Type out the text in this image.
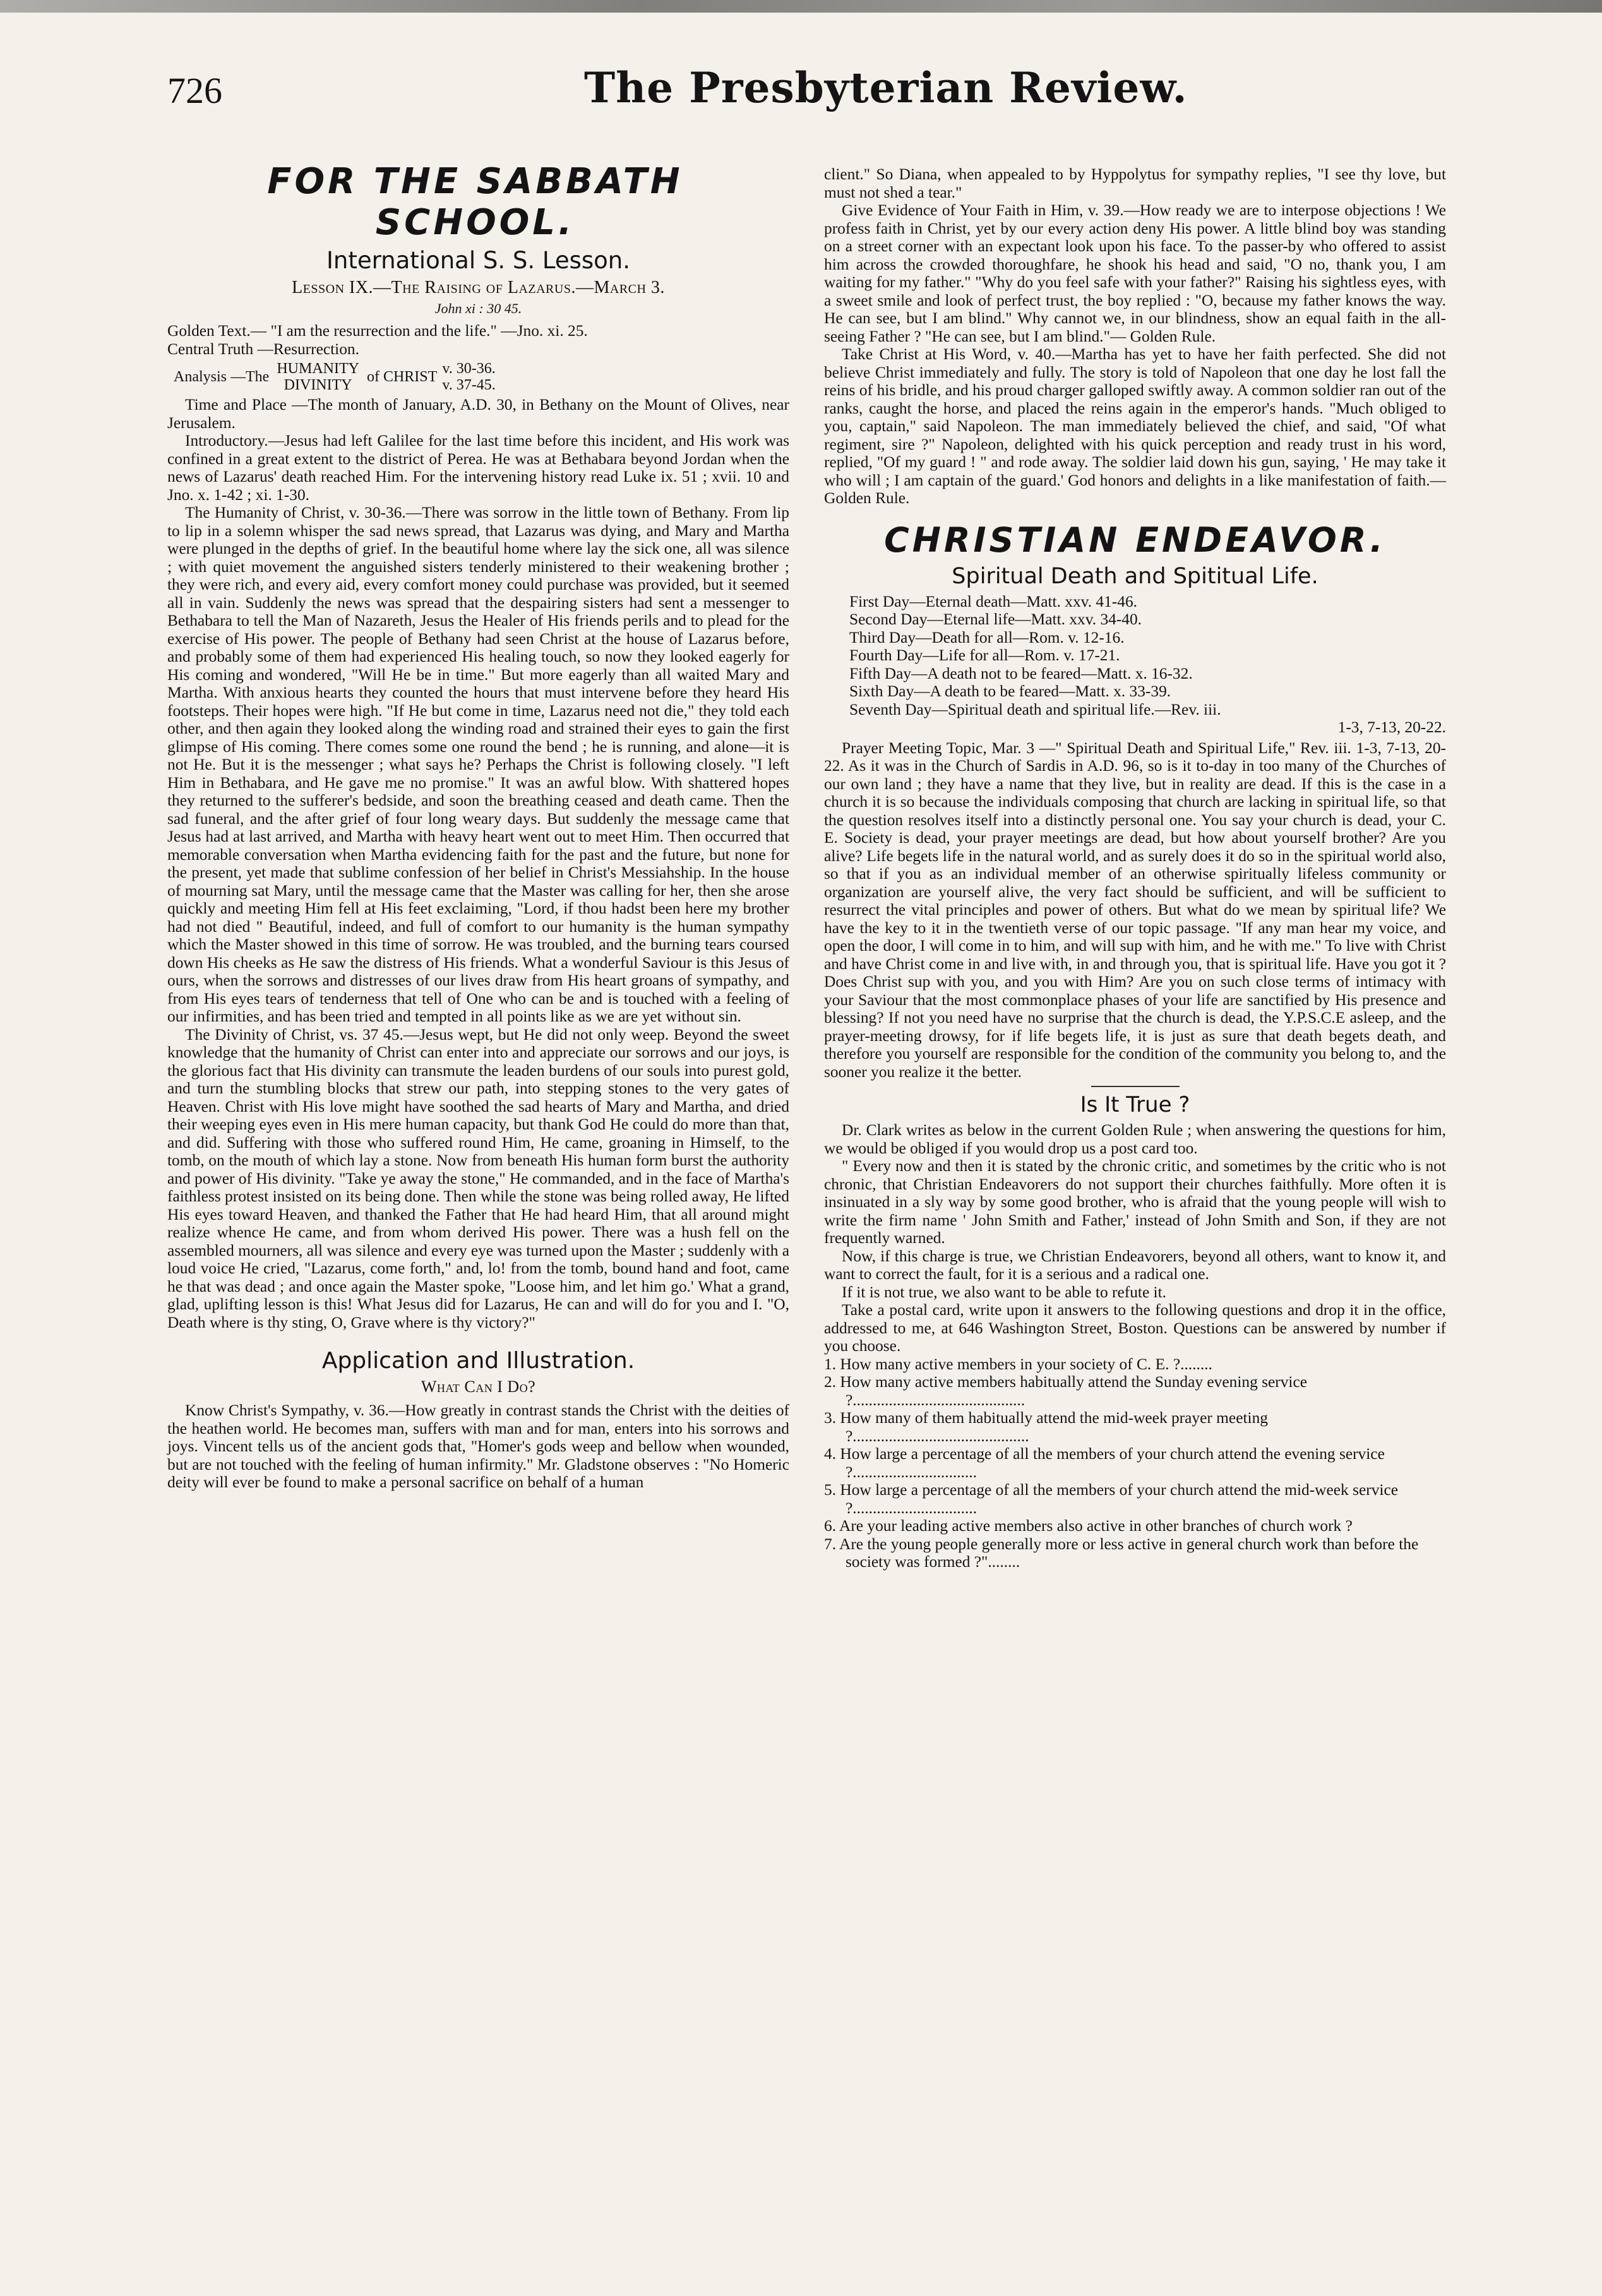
726	The Presbyterian Review.
FOR THE SABBATH SCHOOL.
International S. S. Lesson.
Lesson IX.—The Raising of Lazarus.—March 3.
John xi : 30 45.
Golden Text.— "I am the resurrection and the life." —Jno. xi. 25.
Central Truth —Resurrection.
Analysis —The HUMANITY
DIVINITY of CHRIST v. 30-36.
v. 37-45.

Time and Place —The month of January, A.D. 30, in Bethany on the Mount of Olives, near Jerusalem.

Introductory.—Jesus had left Galilee for the last time before this incident, and His work was confined in a great extent to the district of Perea. He was at Bethabara beyond Jordan when the news of Lazarus' death reached Him. For the intervening history read Luke ix. 51 ; xvii. 10 and Jno. x. 1-42 ; xi. 1-30.

The Humanity of Christ, v. 30-36.—There was sorrow in the little town of Bethany. From lip to lip in a solemn whisper the sad news spread, that Lazarus was dying, and Mary and Martha were plunged in the depths of grief. In the beautiful home where lay the sick one, all was silence ; with quiet movement the anguished sisters tenderly ministered to their weakening brother ; they were rich, and every aid, every comfort money could purchase was provided, but it seemed all in vain. Suddenly the news was spread that the despairing sisters had sent a messenger to Bethabara to tell the Man of Nazareth, Jesus the Healer of His friends perils and to plead for the exercise of His power. The people of Bethany had seen Christ at the house of Lazarus before, and probably some of them had experienced His healing touch, so now they looked eagerly for His coming and wondered, "Will He be in time." But more eagerly than all waited Mary and Martha. With anxious hearts they counted the hours that must intervene before they heard His footsteps. Their hopes were high. "If He but come in time, Lazarus need not die," they told each other, and then again they looked along the winding road and strained their eyes to gain the first glimpse of His coming. There comes some one round the bend ; he is running, and alone—it is not He. But it is the messenger ; what says he? Perhaps the Christ is following closely. "I left Him in Bethabara, and He gave me no promise." It was an awful blow. With shattered hopes they returned to the sufferer's bedside, and soon the breathing ceased and death came. Then the sad funeral, and the after grief of four long weary days. But suddenly the message came that Jesus had at last arrived, and Martha with heavy heart went out to meet Him. Then occurred that memorable conversation when Martha evidencing faith for the past and the future, but none for the present, yet made that sublime confession of her belief in Christ's Messiahship. In the house of mourning sat Mary, until the message came that the Master was calling for her, then she arose quickly and meeting Him fell at His feet exclaiming, "Lord, if thou hadst been here my brother had not died " Beautiful, indeed, and full of comfort to our humanity is the human sympathy which the Master showed in this time of sorrow. He was troubled, and the burning tears coursed down His cheeks as He saw the distress of His friends. What a wonderful Saviour is this Jesus of ours, when the sorrows and distresses of our lives draw from His heart groans of sympathy, and from His eyes tears of tenderness that tell of One who can be and is touched with a feeling of our infirmities, and has been tried and tempted in all points like as we are yet without sin.

The Divinity of Christ, vs. 37 45.—Jesus wept, but He did not only weep. Beyond the sweet knowledge that the humanity of Christ can enter into and appreciate our sorrows and our joys, is the glorious fact that His divinity can transmute the leaden burdens of our souls into purest gold, and turn the stumbling blocks that strew our path, into stepping stones to the very gates of Heaven. Christ with His love might have soothed the sad hearts of Mary and Martha, and dried their weeping eyes even in His mere human capacity, but thank God He could do more than that, and did. Suffering with those who suffered round Him, He came, groaning in Himself, to the tomb, on the mouth of which lay a stone. Now from beneath His human form burst the authority and power of His divinity. "Take ye away the stone," He commanded, and in the face of Martha's faithless protest insisted on its being done. Then while the stone was being rolled away, He lifted His eyes toward Heaven, and thanked the Father that He had heard Him, that all around might realize whence He came, and from whom derived His power. There was a hush fell on the assembled mourners, all was silence and every eye was turned upon the Master ; suddenly with a loud voice He cried, "Lazarus, come forth," and, lo! from the tomb, bound hand and foot, came he that was dead ; and once again the Master spoke, "Loose him, and let him go.' What a grand, glad, uplifting lesson is this! What Jesus did for Lazarus, He can and will do for you and I. "O, Death where is thy sting, O, Grave where is thy victory?"

Application and Illustration.
What Can I Do?

Know Christ's Sympathy, v. 36.—How greatly in contrast stands the Christ with the deities of the heathen world. He becomes man, suffers with man and for man, enters into his sorrows and joys. Vincent tells us of the ancient gods that, "Homer's gods weep and bellow when wounded, but are not touched with the feeling of human infirmity." Mr. Gladstone observes : "No Homeric deity will ever be found to make a personal sacrifice on behalf of a human

client." So Diana, when appealed to by Hyppolytus for sympathy replies, "I see thy love, but must not shed a tear."

Give Evidence of Your Faith in Him, v. 39.—How ready we are to interpose objections ! We profess faith in Christ, yet by our every action deny His power. A little blind boy was standing on a street corner with an expectant look upon his face. To the passer-by who offered to assist him across the crowded thoroughfare, he shook his head and said, "O no, thank you, I am waiting for my father." "Why do you feel safe with your father?" Raising his sightless eyes, with a sweet smile and look of perfect trust, the boy replied : "O, because my father knows the way. He can see, but I am blind." Why cannot we, in our blindness, show an equal faith in the all-seeing Father ? "He can see, but I am blind."— Golden Rule.

Take Christ at His Word, v. 40.—Martha has yet to have her faith perfected. She did not believe Christ immediately and fully. The story is told of Napoleon that one day he lost fall the reins of his bridle, and his proud charger galloped swiftly away. A common soldier ran out of the ranks, caught the horse, and placed the reins again in the emperor's hands. "Much obliged to you, captain," said Napoleon. The man immediately believed the chief, and said, "Of what regiment, sire ?" Napoleon, delighted with his quick perception and ready trust in his word, replied, "Of my guard ! " and rode away. The soldier laid down his gun, saying, ' He may take it who will ; I am captain of the guard.' God honors and delights in a like manifestation of faith.—Golden Rule.

CHRISTIAN ENDEAVOR.
Spiritual Death and Spititual Life.
First Day—Eternal death—Matt. xxv. 41-46.
Second Day—Eternal life—Matt. xxv. 34-40.
Third Day—Death for all—Rom. v. 12-16.
Fourth Day—Life for all—Rom. v. 17-21.
Fifth Day—A death not to be feared—Matt. x. 16-32.
Sixth Day—A death to be feared—Matt. x. 33-39.
Seventh Day—Spiritual death and spiritual life.—Rev. iii.
1-3, 7-13, 20-22.

Prayer Meeting Topic, Mar. 3 —" Spiritual Death and Spiritual Life," Rev. iii. 1-3, 7-13, 20-22. As it was in the Church of Sardis in A.D. 96, so is it to-day in too many of the Churches of our own land ; they have a name that they live, but in reality are dead. If this is the case in a church it is so because the individuals composing that church are lacking in spiritual life, so that the question resolves itself into a distinctly personal one. You say your church is dead, your C. E. Society is dead, your prayer meetings are dead, but how about yourself brother? Are you alive? Life begets life in the natural world, and as surely does it do so in the spiritual world also, so that if you as an individual member of an otherwise spiritually lifeless community or organization are yourself alive, the very fact should be sufficient, and will be sufficient to resurrect the vital principles and power of others. But what do we mean by spiritual life? We have the key to it in the twentieth verse of our topic passage. "If any man hear my voice, and open the door, I will come in to him, and will sup with him, and he with me." To live with Christ and have Christ come in and live with, in and through you, that is spiritual life. Have you got it ? Does Christ sup with you, and you with Him? Are you on such close terms of intimacy with your Saviour that the most commonplace phases of your life are sanctified by His presence and blessing? If not you need have no surprise that the church is dead, the Y.P.S.C.E asleep, and the prayer-meeting drowsy, for if life begets life, it is just as sure that death begets death, and therefore you yourself are responsible for the condition of the community you belong to, and the sooner you realize it the better.

Is It True ?

Dr. Clark writes as below in the current Golden Rule ; when answering the questions for him, we would be obliged if you would drop us a post card too.

" Every now and then it is stated by the chronic critic, and sometimes by the critic who is not chronic, that Christian Endeavorers do not support their churches faithfully. More often it is insinuated in a sly way by some good brother, who is afraid that the young people will wish to write the firm name ' John Smith and Father,' instead of John Smith and Son, if they are not frequently warned.

Now, if this charge is true, we Christian Endeavorers, beyond all others, want to know it, and want to correct the fault, for it is a serious and a radical one.

If it is not true, we also want to be able to refute it.

Take a postal card, write upon it answers to the following questions and drop it in the office, addressed to me, at 646 Washington Street, Boston. Questions can be answered by number if you choose.

1. How many active members in your society of C. E. ?........
2. How many active members habitually attend the Sunday evening service ?...........................................
3. How many of them habitually attend the mid-week prayer meeting ?............................................
4. How large a percentage of all the members of your church attend the evening service ?...............................
5. How large a percentage of all the members of your church attend the mid-week service ?...............................
6. Are your leading active members also active in other branches of church work ?
7. Are the young people generally more or less active in general church work than before the society was formed ?"........
